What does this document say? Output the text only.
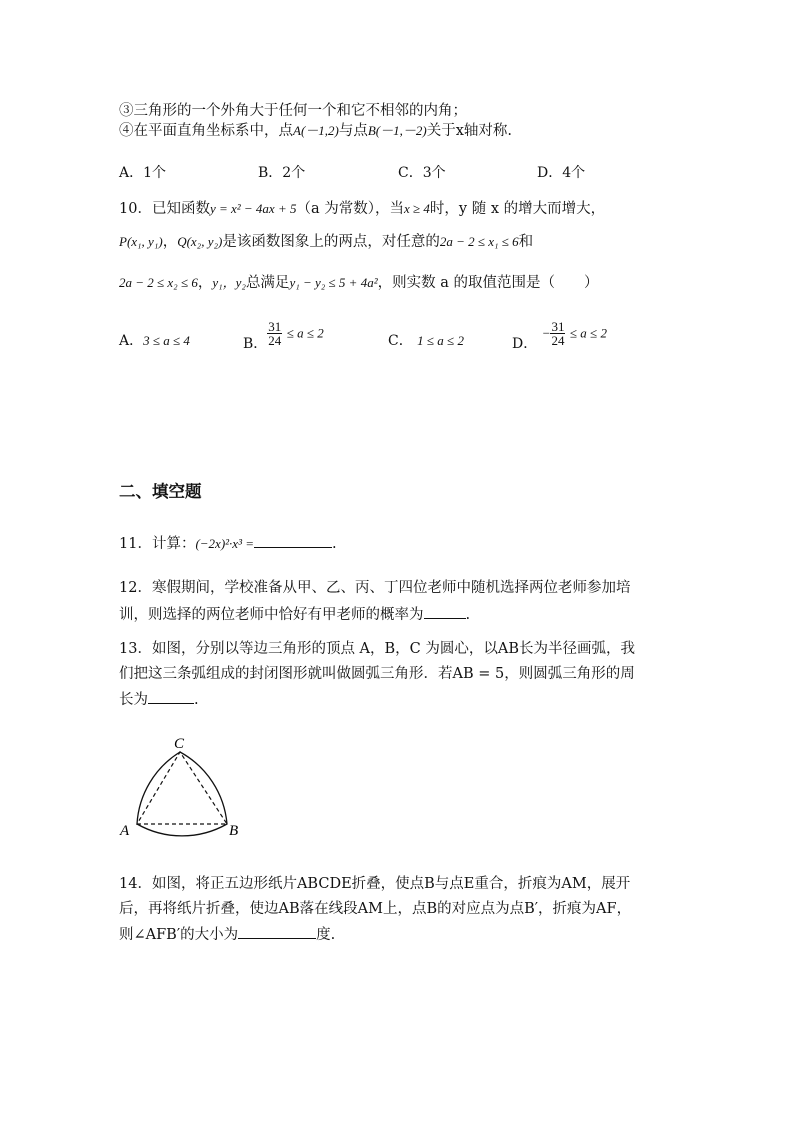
③三角形的一个外角大于任何一个和它不相邻的内角；
④在平面直角坐标系中，点A(－1,2)与点B(－1,－2)关于x轴对称.
A．1个	B．2个	C．3个	D．4个
10．已知函数y = x² − 4ax + 5（a 为常数），当x ≥ 4时，y 随 x 的增大而增大，
P(x₁, y₁)，Q(x₂, y₂)是该函数图象上的两点，对任意的2a − 2 ≤ x₁ ≤ 6和
2a − 2 ≤ x₂ ≤ 6，y₁，y₂总满足y₁ − y₂ ≤ 5 + 4a²，则实数 a 的取值范围是（　　）
A．3 ≤ a ≤ 4	B． $\frac{31}{24} \le a \le 2$	C． 1 ≤ a ≤ 2	D． − $\frac{31}{24} \le a \le 2$
二、填空题
11．计算：(−2x)²·x³ =	.
12．寒假期间，学校准备从甲、乙、丙、丁四位老师中随机选择两位老师参加培
训，则选择的两位老师中恰好有甲老师的概率为	.
13．如图，分别以等边三角形的顶点 A，B，C 为圆心，以AB长为半径画弧，我
们把这三条弧组成的封闭图形就叫做圆弧三角形．若AB = 5，则圆弧三角形的周
长为	.
A	B
C
14．如图，将正五边形纸片ABCDE折叠，使点B与点E重合，折痕为AM，展开
后，再将纸片折叠，使边AB落在线段AM上，点B的对应点为点B′，折痕为AF，
则∠AFB′的大小为	度.
